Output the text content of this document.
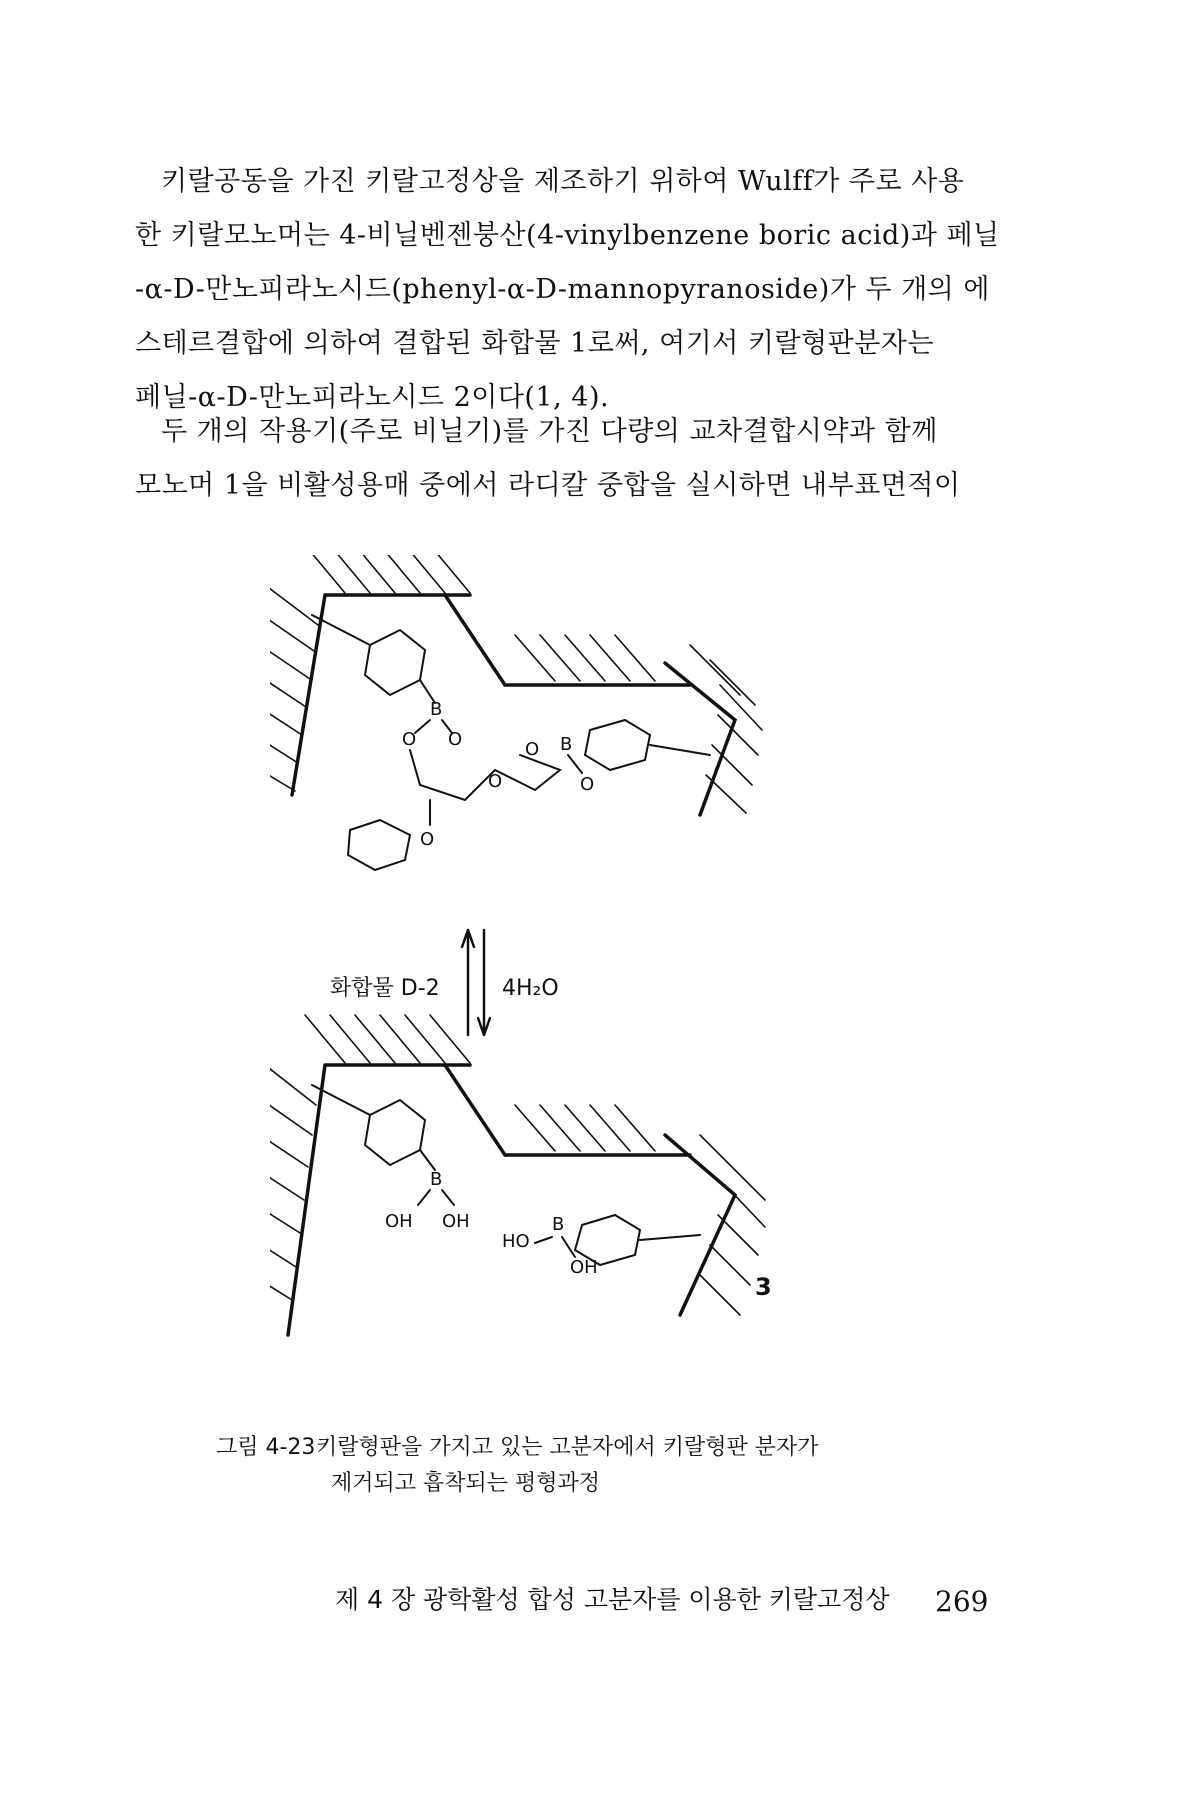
키랄공동을 가진 키랄고정상을 제조하기 위하여 Wulff가 주로 사용

한 키랄모노머는 4-비닐벤젠붕산(4-vinylbenzene boric acid)과 페닐

-α-D-만노피라노시드(phenyl-α-D-mannopyranoside)가 두 개의 에

스테르결합에 의하여 결합된 화합물 1로써, 여기서 키랄형판분자는

페닐-α-D-만노피라노시드 2이다(1, 4).

두 개의 작용기(주로 비닐기)를 가진 다량의 교차결합시약과 함께

모노머 1을 비활성용매 중에서 라디칼 중합을 실시하면 내부표면적이

B
O O
O
O B
O
O
화합물 D-2	4H₂O
B
OH OH
HO
B
OH
3
그림 4-23키랄형판을 가지고 있는 고분자에서 키랄형판 분자가
제거되고 흡착되는 평형과정
제 4 장 광학활성 합성 고분자를 이용한 키랄고정상 269
